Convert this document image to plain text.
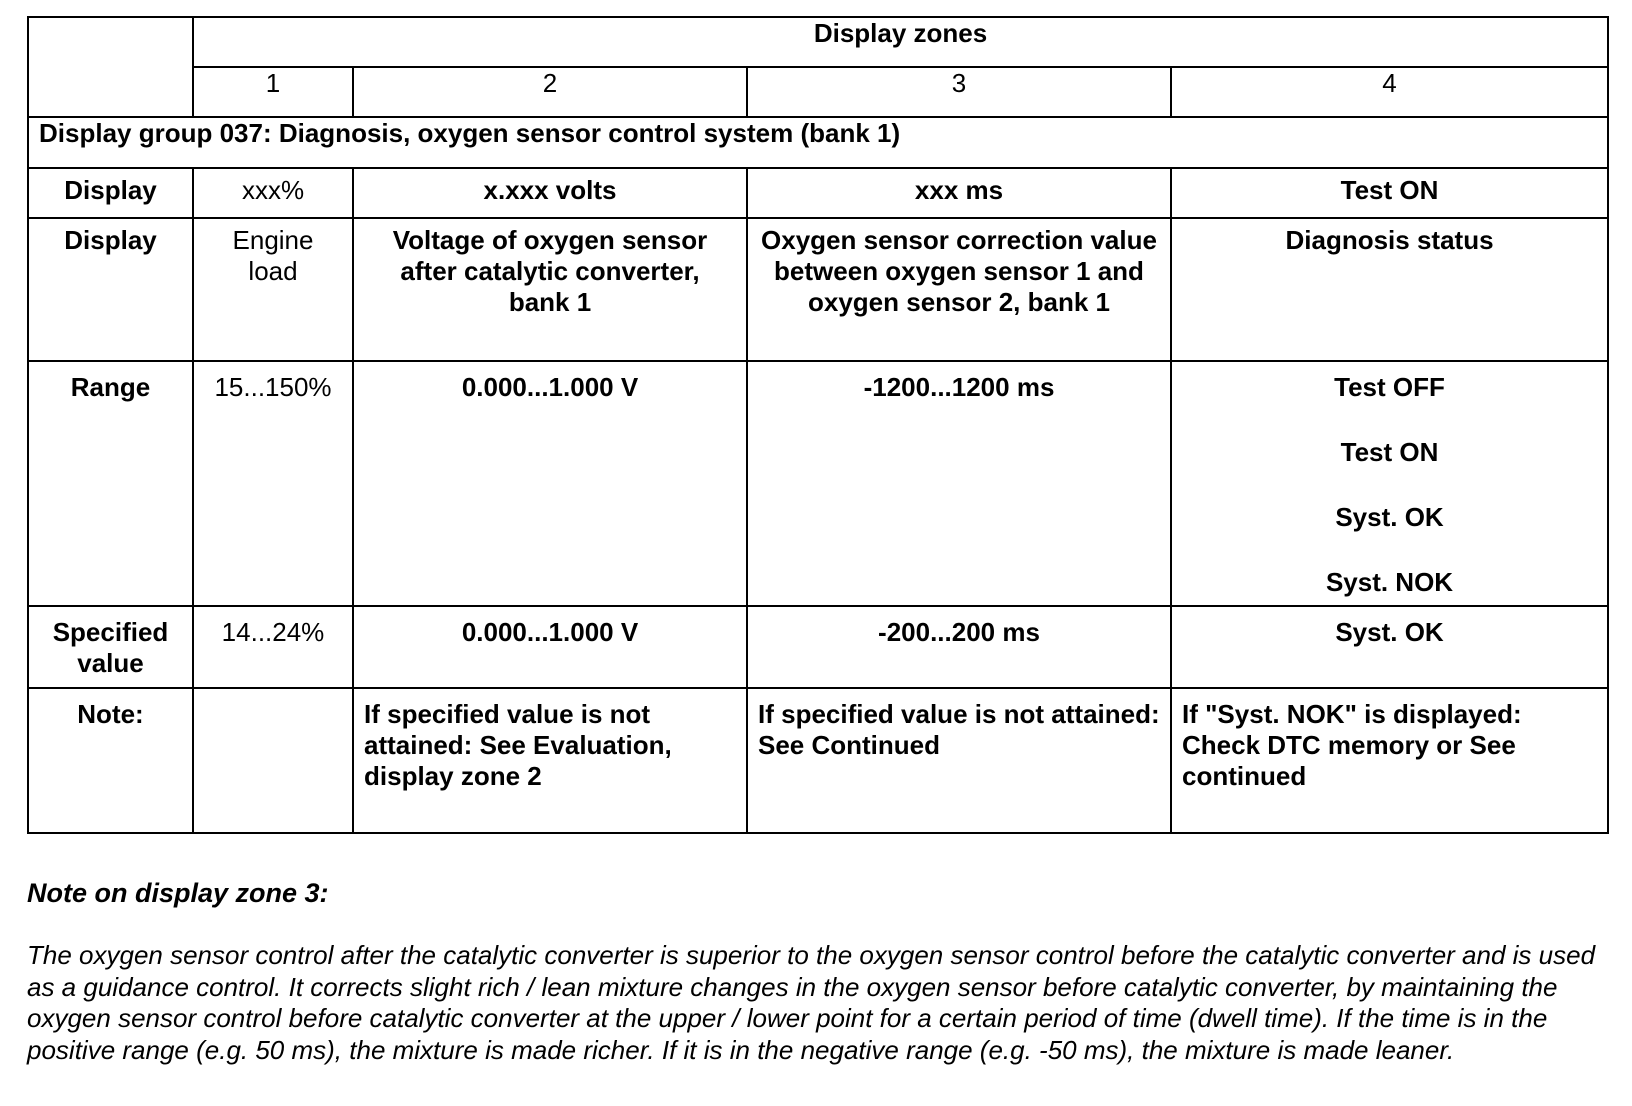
	Display zones			
	1	2	3	4
Display group 037: Diagnosis, oxygen sensor control system (bank 1)				
Display	xxx%	x.xxx volts	xxx ms	Test ON
Display	Engine load	Voltage of oxygen sensor after catalytic converter, bank 1	Oxygen sensor correction value between oxygen sensor 1 and oxygen sensor 2, bank 1	Diagnosis status
Range	15...150%	0.000...1.000 V	-1200...1200 ms	Test OFF
Test ON
Syst. OK
Syst. NOK

Specified value	14...24%	0.000...1.000 V	-200...200 ms	Syst. OK
Note:		If specified value is not attained: See Evaluation, display zone 2	If specified value is not attained: See Continued	If "Syst. NOK" is displayed: Check DTC memory or See continued
Note on display zone 3:

The oxygen sensor control after the catalytic converter is superior to the oxygen sensor control before the catalytic converter and is used as a guidance control. It corrects slight rich / lean mixture changes in the oxygen sensor before catalytic converter, by maintaining the oxygen sensor control before catalytic converter at the upper / lower point for a certain period of time (dwell time). If the time is in the positive range (e.g. 50 ms), the mixture is made richer. If it is in the negative range (e.g. -50 ms), the mixture is made leaner.
